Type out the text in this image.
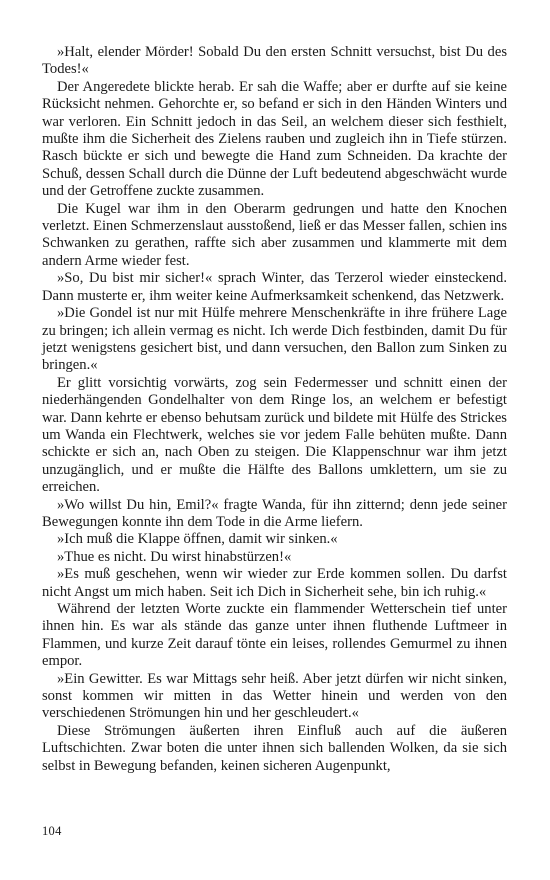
»Halt, elender Mörder! Sobald Du den ersten Schnitt versuchst, bist Du des Todes!«

Der Angeredete blickte herab. Er sah die Waffe; aber er durfte auf sie keine Rücksicht nehmen. Gehorchte er, so befand er sich in den Händen Winters und war verloren. Ein Schnitt jedoch in das Seil, an welchem dieser sich festhielt, mußte ihm die Sicherheit des Zielens rauben und zugleich ihn in Tiefe stürzen. Rasch bückte er sich und bewegte die Hand zum Schneiden. Da krachte der Schuß, dessen Schall durch die Dünne der Luft bedeutend abgeschwächt wurde und der Getroffene zuckte zusammen.

Die Kugel war ihm in den Oberarm gedrungen und hatte den Knochen verletzt. Einen Schmerzenslaut ausstoßend, ließ er das Messer fallen, schien ins Schwanken zu gerathen, raffte sich aber zusammen und klammerte mit dem andern Arme wieder fest.

»So, Du bist mir sicher!« sprach Winter, das Terzerol wieder einsteckend. Dann musterte er, ihm weiter keine Aufmerksamkeit schenkend, das Netzwerk.

»Die Gondel ist nur mit Hülfe mehrere Menschenkräfte in ihre frühere Lage zu bringen; ich allein vermag es nicht. Ich werde Dich festbinden, damit Du für jetzt wenigstens gesichert bist, und dann versuchen, den Ballon zum Sinken zu bringen.«

Er glitt vorsichtig vorwärts, zog sein Federmesser und schnitt einen der niederhängenden Gondelhalter von dem Ringe los, an welchem er befestigt war. Dann kehrte er ebenso behutsam zurück und bildete mit Hülfe des Strickes um Wanda ein Flechtwerk, welches sie vor jedem Falle behüten mußte. Dann schickte er sich an, nach Oben zu steigen. Die Klappenschnur war ihm jetzt unzugänglich, und er mußte die Hälfte des Ballons umklettern, um sie zu erreichen.

»Wo willst Du hin, Emil?« fragte Wanda, für ihn zitternd; denn jede seiner Bewegungen konnte ihn dem Tode in die Arme liefern.

»Ich muß die Klappe öffnen, damit wir sinken.«

»Thue es nicht. Du wirst hinabstürzen!«

»Es muß geschehen, wenn wir wieder zur Erde kommen sollen. Du darfst nicht Angst um mich haben. Seit ich Dich in Sicherheit sehe, bin ich ruhig.«

Während der letzten Worte zuckte ein flammender Wetterschein tief unter ihnen hin. Es war als stände das ganze unter ihnen fluthende Luftmeer in Flammen, und kurze Zeit darauf tönte ein leises, rollendes Gemurmel zu ihnen empor.

»Ein Gewitter. Es war Mittags sehr heiß. Aber jetzt dürfen wir nicht sinken, sonst kommen wir mitten in das Wetter hinein und werden von den verschiedenen Strömungen hin und her geschleudert.«

Diese Strömungen äußerten ihren Einfluß auch auf die äußeren Luftschichten. Zwar boten die unter ihnen sich ballenden Wolken, da sie sich selbst in Bewegung befanden, keinen sicheren Augenpunkt,

104
